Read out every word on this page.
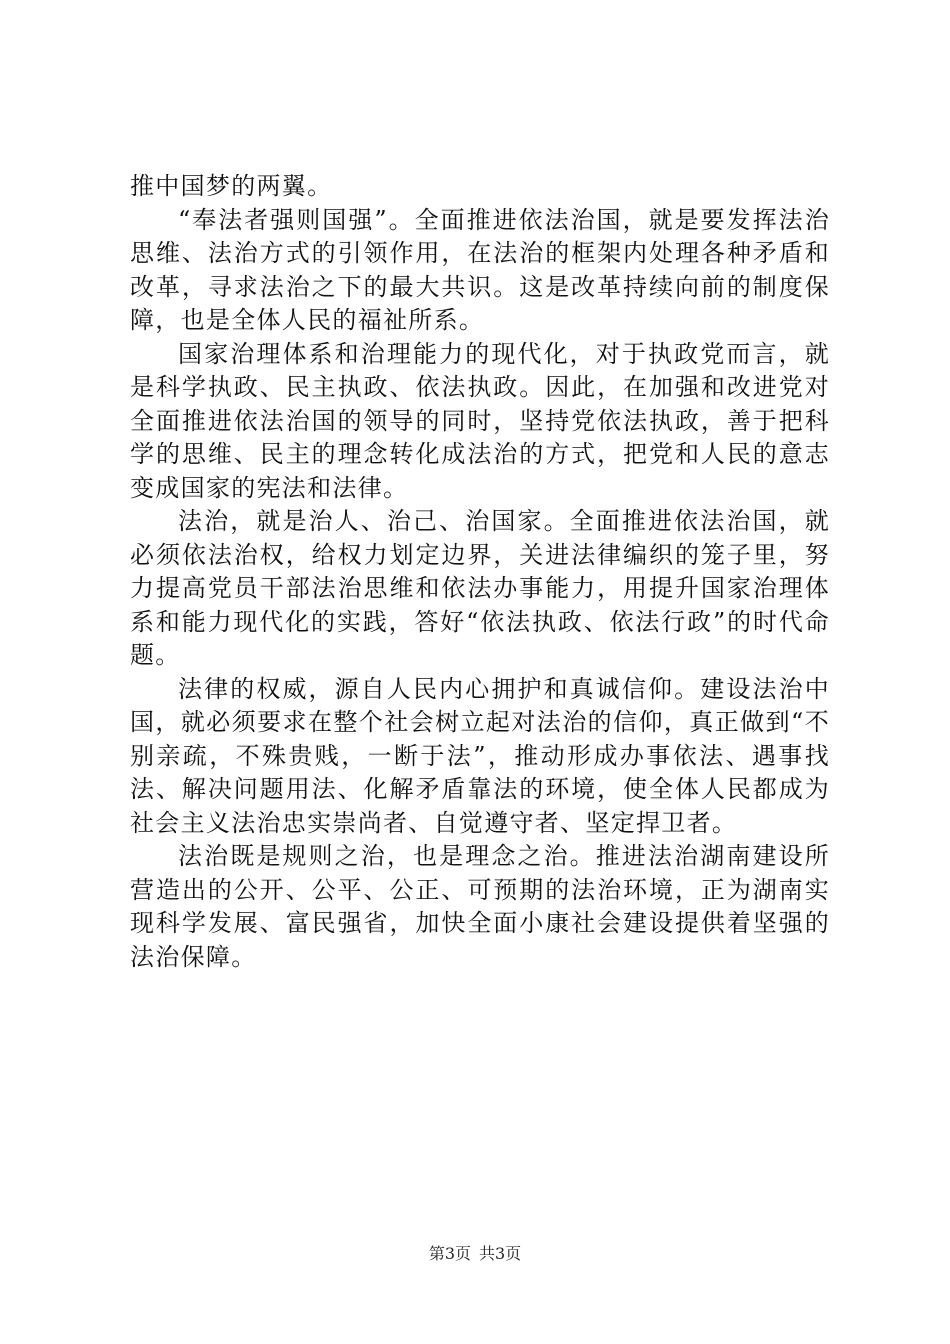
推中国梦的两翼。

“奉法者强则国强”。全面推进依法治国，就是要发挥法治思维、法治方式的引领作用，在法治的框架内处理各种矛盾和改革，寻求法治之下的最大共识。这是改革持续向前的制度保障，也是全体人民的福祉所系。

国家治理体系和治理能力的现代化，对于执政党而言，就是科学执政、民主执政、依法执政。因此，在加强和改进党对全面推进依法治国的领导的同时，坚持党依法执政，善于把科学的思维、民主的理念转化成法治的方式，把党和人民的意志变成国家的宪法和法律。

法治，就是治人、治己、治国家。全面推进依法治国，就必须依法治权，给权力划定边界，关进法律编织的笼子里，努力提高党员干部法治思维和依法办事能力，用提升国家治理体系和能力现代化的实践，答好“依法执政、依法行政”的时代命题。

法律的权威，源自人民内心拥护和真诚信仰。建设法治中国，就必须要求在整个社会树立起对法治的信仰，真正做到“不别亲疏，不殊贵贱，一断于法”，推动形成办事依法、遇事找法、解决问题用法、化解矛盾靠法的环境，使全体人民都成为社会主义法治忠实崇尚者、自觉遵守者、坚定捍卫者。

法治既是规则之治，也是理念之治。推进法治湖南建设所营造出的公开、公平、公正、可预期的法治环境，正为湖南实现科学发展、富民强省，加快全面小康社会建设提供着坚强的法治保障。

第3页 共3页
